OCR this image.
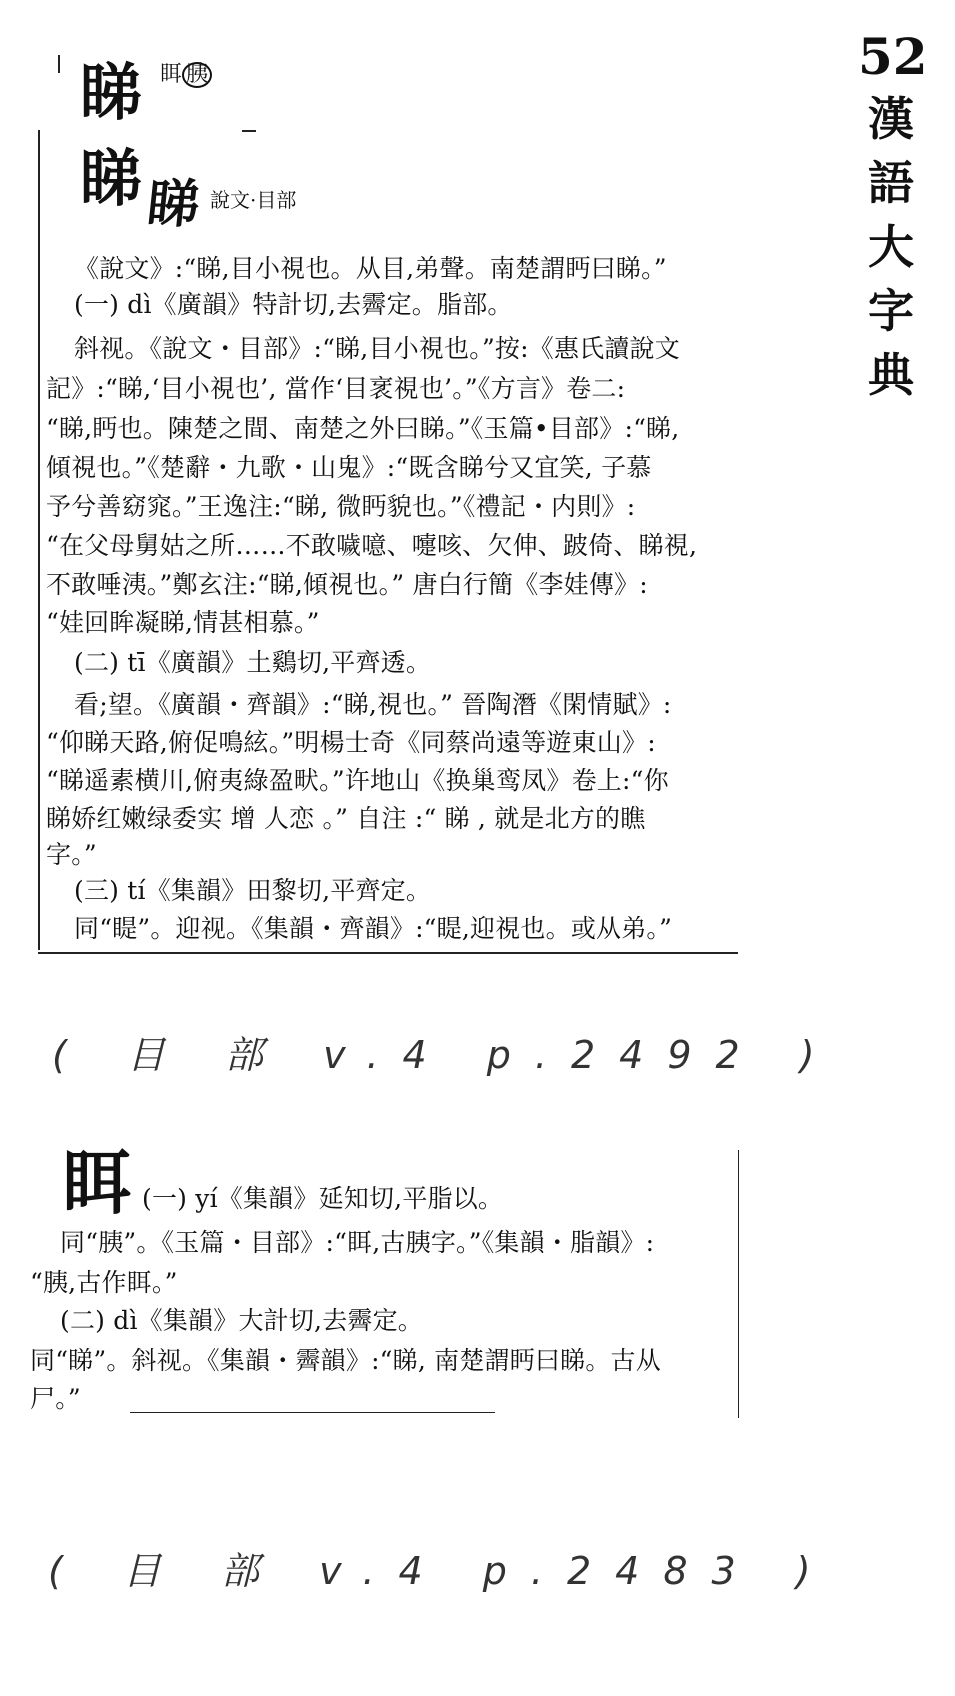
52
漢
語
大
字
典
睇 眲 胰
睇 睇 說文·目部
《說文》:“睇,目小視也。从目,弟聲。南楚謂眄曰睇。”
(一) dì《廣韻》特計切,去霽定。脂部。
斜视。《說文・目部》:“睇,目小視也。”按:《惠氏讀說文
記》:“睇,‘目小視也’, 當作‘目衺視也’。”《方言》卷二:
“睇,眄也。陳楚之間、南楚之外曰睇。”《玉篇•目部》:“睇,
傾視也。”《楚辭・九歌・山鬼》:“既含睇兮又宜笑, 子慕
予兮善窈窕。”王逸注:“睇, 微眄貌也。”《禮記・内則》:
“在父母舅姑之所……不敢噦噫、嚏咳、欠伸、跛倚、睇視,
不敢唾洟。”鄭玄注:“睇,傾視也。” 唐白行簡《李娃傳》:
“娃回眸凝睇,情甚相慕。”
(二) tī《廣韻》土鷄切,平齊透。
看;望。《廣韻・齊韻》:“睇,視也。” 晉陶潛《閑情賦》:
“仰睇天路,俯促鳴絃。”明楊士奇《同蔡尚遠等遊東山》:
“睇遥素横川,俯夷綠盈畎。”许地山《换巢鸾凤》卷上:“你
睇娇红嫩绿委实 增 人恋 。” 自注 :“ 睇 , 就是北方的瞧
字。”
(三) tí《集韻》田黎切,平齊定。
同“睼”。迎视。《集韻・齊韻》:“睼,迎視也。或从弟。”
( 目 部 v.4 p.2492 )
眲 (一) yí《集韻》延知切,平脂以。
同“胰”。《玉篇・目部》:“眲,古胰字。”《集韻・脂韻》:
“胰,古作眲。”
(二) dì《集韻》大計切,去霽定。
同“睇”。斜视。《集韻・霽韻》:“睇, 南楚謂眄曰睇。古从
尸。”
( 目 部 v.4 p.2483 )
